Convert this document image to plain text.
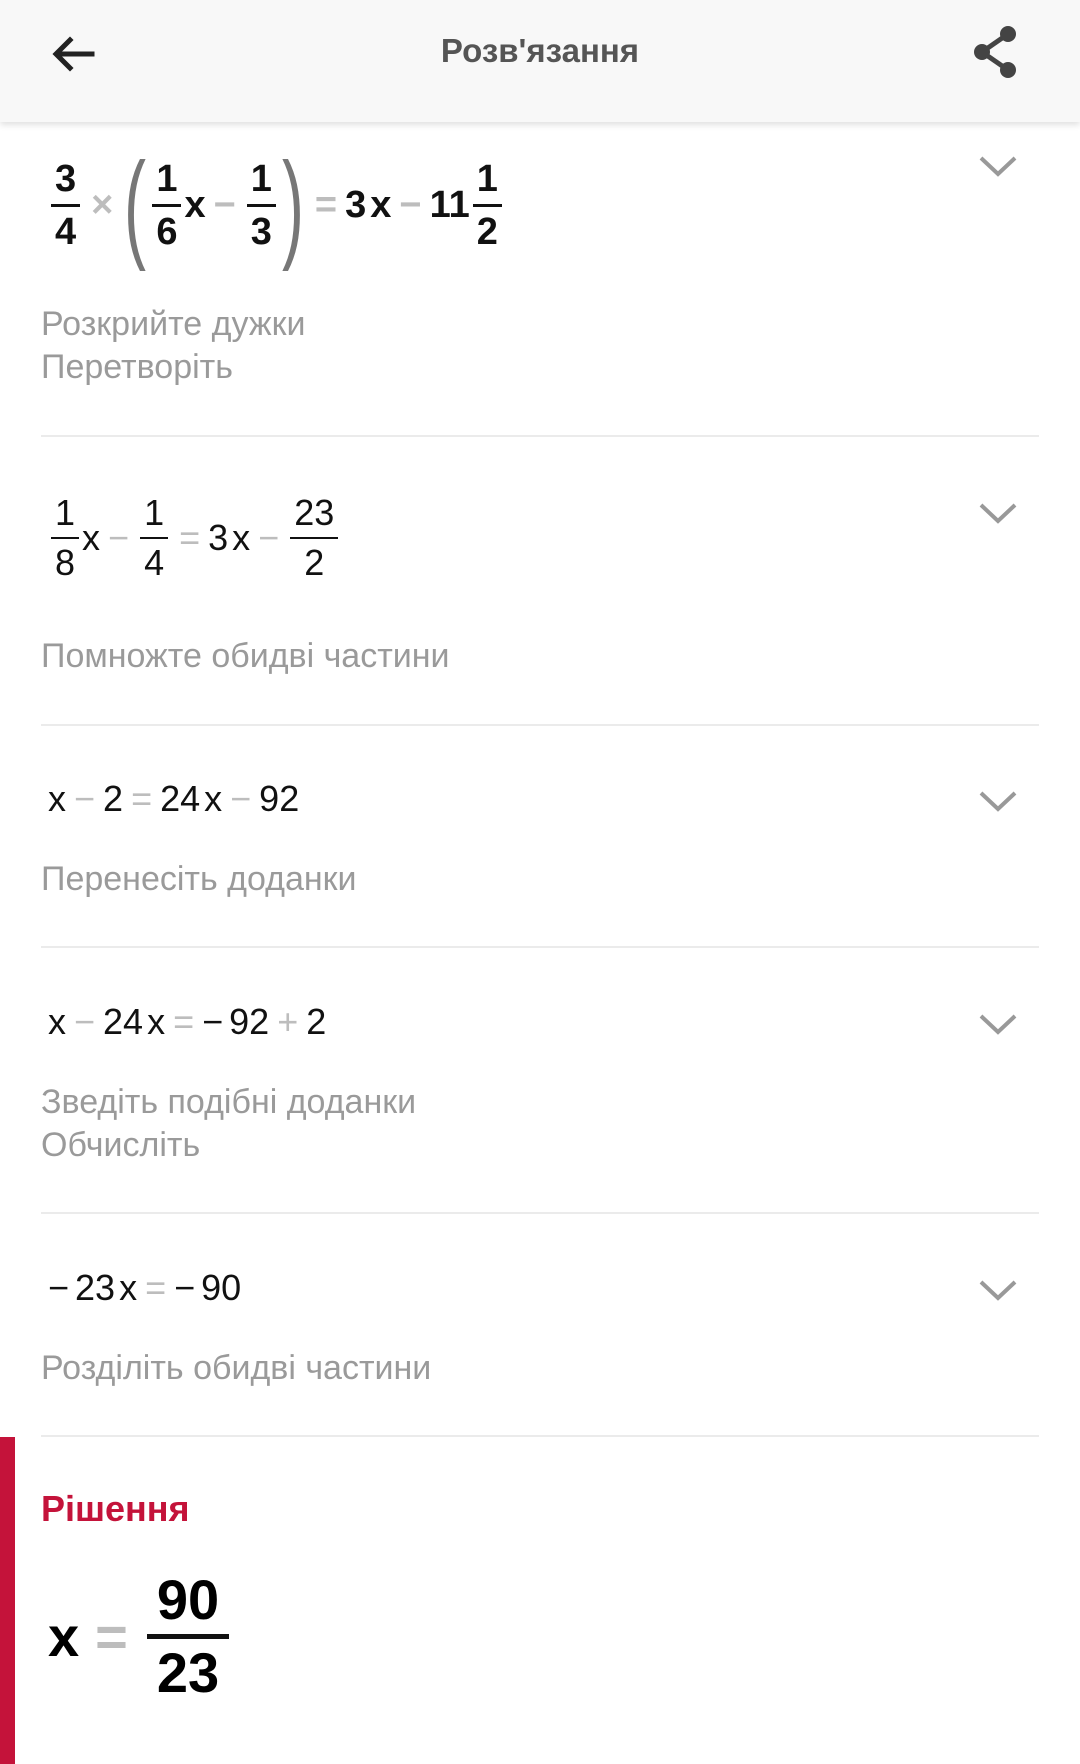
Розв'язання
$\frac{3}{4}$ × ( $\frac{1}{6}$ $x - \frac{1}{3}$ ) = 3 $x - 11 \frac{1}{2}$
Розкрийте дужки
Перетворіть
$\frac{1}{8}$ $x - \frac{1}{4} = 3$ $x - \frac{23}{2}$
Помножте обидві частини
x − 2 = 24 x − 92
Перенесіть доданки
x − 24 x = − 92 + 2
Зведіть подібні доданки
Обчисліть
− 23 x = − 90
Розділіть обидві частини
Рішення
x =
90
23
